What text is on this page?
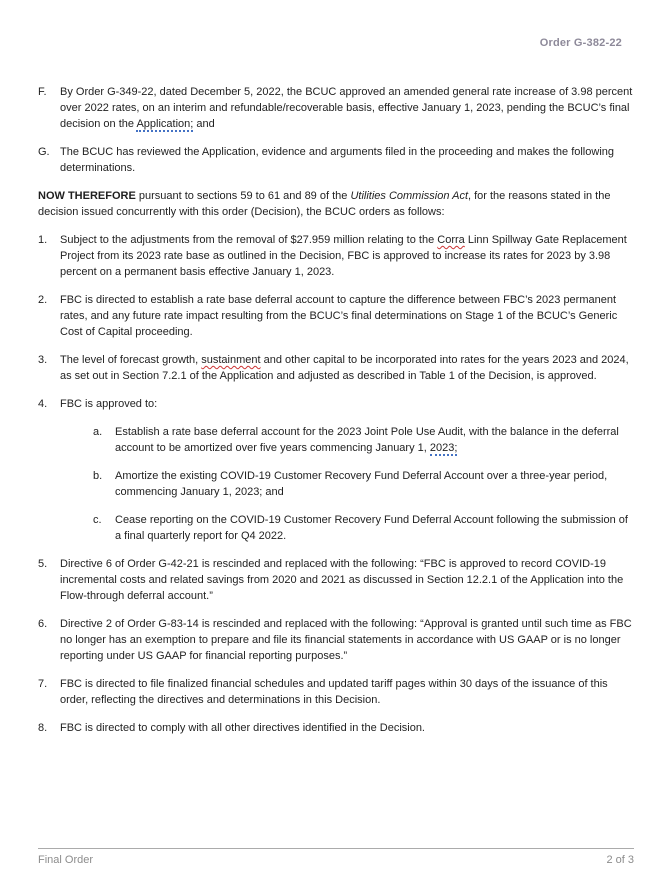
Order G-382-22
F.	By Order G-349-22, dated December 5, 2022, the BCUC approved an amended general rate increase of 3.98 percent over 2022 rates, on an interim and refundable/recoverable basis, effective January 1, 2023, pending the BCUC’s final decision on the Application; and
G. The BCUC has reviewed the Application, evidence and arguments filed in the proceeding and makes the following determinations.
NOW THEREFORE pursuant to sections 59 to 61 and 89 of the Utilities Commission Act, for the reasons stated in the decision issued concurrently with this order (Decision), the BCUC orders as follows:
1.	Subject to the adjustments from the removal of $27.959 million relating to the Corra Linn Spillway Gate Replacement Project from its 2023 rate base as outlined in the Decision, FBC is approved to increase its rates for 2023 by 3.98 percent on a permanent basis effective January 1, 2023.
2.	FBC is directed to establish a rate base deferral account to capture the difference between FBC’s 2023 permanent rates, and any future rate impact resulting from the BCUC’s final determinations on Stage 1 of the BCUC’s Generic Cost of Capital proceeding.
3.	The level of forecast growth, sustainment and other capital to be incorporated into rates for the years 2023 and 2024, as set out in Section 7.2.1 of the Application and adjusted as described in Table 1 of the Decision, is approved.
4.	FBC is approved to:
a.	Establish a rate base deferral account for the 2023 Joint Pole Use Audit, with the balance in the deferral account to be amortized over five years commencing January 1, 2023;
b.	Amortize the existing COVID-19 Customer Recovery Fund Deferral Account over a three-year period, commencing January 1, 2023; and
c.	Cease reporting on the COVID-19 Customer Recovery Fund Deferral Account following the submission of a final quarterly report for Q4 2022.
5.	Directive 6 of Order G-42-21 is rescinded and replaced with the following: “FBC is approved to record COVID-19 incremental costs and related savings from 2020 and 2021 as discussed in Section 12.2.1 of the Application into the Flow-through deferral account.”
6.	Directive 2 of Order G-83-14 is rescinded and replaced with the following: “Approval is granted until such time as FBC no longer has an exemption to prepare and file its financial statements in accordance with US GAAP or is no longer reporting under US GAAP for financial reporting purposes.”
7.	FBC is directed to file finalized financial schedules and updated tariff pages within 30 days of the issuance of this order, reflecting the directives and determinations in this Decision.
8.	FBC is directed to comply with all other directives identified in the Decision.
Final Order	2 of 3
